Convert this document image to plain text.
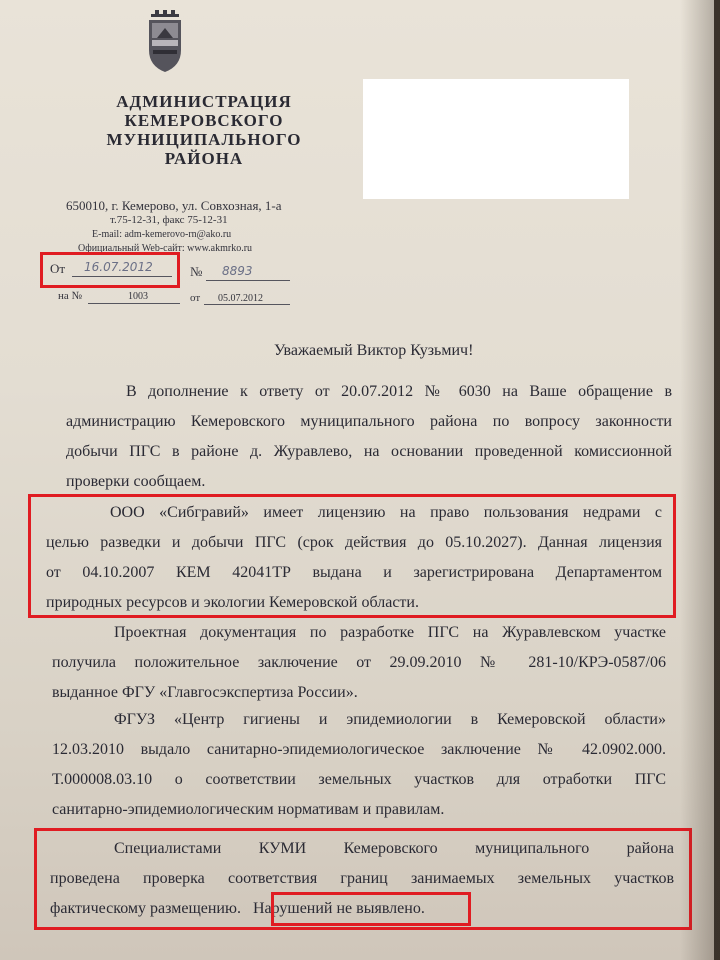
АДМИНИСТРАЦИЯ
КЕМЕРОВСКОГО
МУНИЦИПАЛЬНОГО
РАЙОНА
650010, г. Кемерово, ул. Совхозная, 1-а
т.75-12-31, факс 75-12-31
E-mail: adm-kemerovo-rn@ako.ru
Официальный Web-сайт: www.akmrko.ru
От 16.07.2012	№ 8893
на №	1003	от 05.07.2012
Уважаемый Виктор Кузьмич!
В дополнение к ответу от 20.07.2012 № 6030 на Ваше обращение в
администрацию Кемеровского муниципального района по вопросу законности
добычи ПГС в районе д. Журавлево, на основании проведенной комиссионной
проверки сообщаем.
ООО «Сибгравий» имеет лицензию на право пользования недрами с
целью разведки и добычи ПГС (срок действия до 05.10.2027). Данная лицензия
от 04.10.2007 КЕМ 42041ТР выдана и зарегистрирована Департаментом
природных ресурсов и экологии Кемеровской области.
Проектная документация по разработке ПГС на Журавлевском участке
получила положительное заключение от 29.09.2010 № 281-10/КРЭ-0587/06
выданное ФГУ «Главгосэкспертиза России».
ФГУЗ «Центр гигиены и эпидемиологии в Кемеровской области»
12.03.2010 выдало санитарно-эпидемиологическое заключение № 42.0902.000.
Т.000008.03.10 о соответствии земельных участков для отработки ПГС
санитарно-эпидемиологическим нормативам и правилам.
Специалистами КУМИ Кемеровского муниципального района
проведена проверка соответствия границ занимаемых земельных участков
фактическому размещению. Нарушений не выявлено.
